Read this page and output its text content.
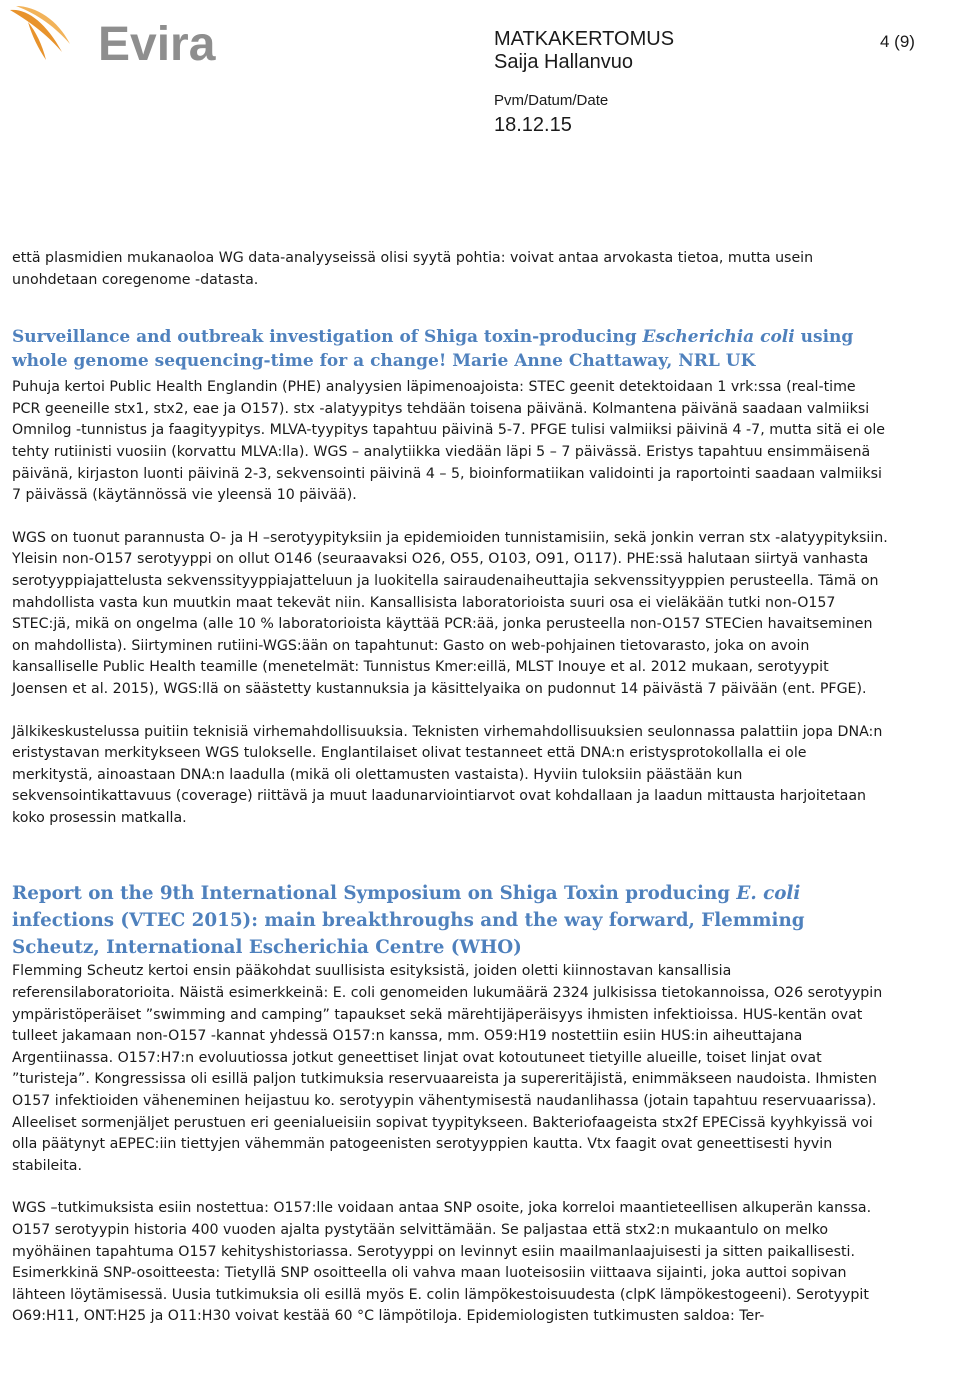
Evira	MATKAKERTOMUS
Saija Hallanvuo
Pvm/Datum/Date
18.12.15
4 (9)

että plasmidien mukanaoloa WG data-analyyseissä olisi syytä pohtia: voivat antaa arvokasta tietoa, mutta usein unohdetaan coregenome -datasta.

Surveillance and outbreak investigation of Shiga toxin-producing Escherichia coli using whole genome sequencing-time for a change! Marie Anne Chattaway, NRL UK

Puhuja kertoi Public Health Englandin (PHE) analyysien läpimenoajoista: STEC geenit detektoidaan 1 vrk:ssa (real-time PCR geeneille stx1, stx2, eae ja O157). stx -alatyypitys tehdään toisena päivänä. Kolmantena päivänä saadaan valmiiksi Omnilog -tunnistus ja faagityypitys. MLVA-tyypitys tapahtuu päivinä 5-7. PFGE tulisi valmiiksi päivinä 4 -7, mutta sitä ei ole tehty rutiinisti vuosiin (korvattu MLVA:lla). WGS – analytiikka viedään läpi 5 – 7 päivässä. Eristys tapahtuu ensimmäisenä päivänä, kirjaston luonti päivinä 2-3, sekvensointi päivinä 4 – 5, bioinformatiikan validointi ja raportointi saadaan valmiiksi 7 päivässä (käytännössä vie yleensä 10 päivää).

WGS on tuonut parannusta O- ja H –serotyypityksiin ja epidemioiden tunnistamisiin, sekä jonkin verran stx -alatyypityksiin. Yleisin non-O157 serotyyppi on ollut O146 (seuraavaksi O26, O55, O103, O91, O117). PHE:ssä halutaan siirtyä vanhasta serotyyppiajattelusta sekvenssityyppiajatteluun ja luokitella sairaudenaiheuttajia sekvenssityyppien perusteella. Tämä on mahdollista vasta kun muutkin maat tekevät niin. Kansallisista laboratorioista suuri osa ei vieläkään tutki non-O157 STEC:jä, mikä on ongelma (alle 10 % laboratorioista käyttää PCR:ää, jonka perusteella non-O157 STECien havaitseminen on mahdollista). Siirtyminen rutiini-WGS:ään on tapahtunut: Gasto on web-pohjainen tietovarasto, joka on avoin kansalliselle Public Health teamille (menetelmät: Tunnistus Kmer:eillä, MLST Inouye et al. 2012 mukaan, serotyypit Joensen et al. 2015), WGS:llä on säästetty kustannuksia ja käsittelyaika on pudonnut 14 päivästä 7 päivään (ent. PFGE).

Jälkikeskustelussa puitiin teknisiä virhemahdollisuuksia. Teknisten virhemahdollisuuksien seulonnassa palattiin jopa DNA:n eristystavan merkitykseen WGS tulokselle. Englantilaiset olivat testanneet että DNA:n eristysprotokollalla ei ole merkitystä, ainoastaan DNA:n laadulla (mikä oli olettamusten vastaista). Hyviin tuloksiin päästään kun sekvensointikattavuus (coverage) riittävä ja muut laadunarviointiarvot ovat kohdallaan ja laadun mittausta harjoitetaan koko prosessin matkalla.

Report on the 9th International Symposium on Shiga Toxin producing E. coli infections (VTEC 2015): main breakthroughs and the way forward, Flemming Scheutz, International Escherichia Centre (WHO)

Flemming Scheutz kertoi ensin pääkohdat suullisista esityksistä, joiden oletti kiinnostavan kansallisia referensilaboratorioita. Näistä esimerkkeinä: E. coli genomeiden lukumäärä 2324 julkisissa tietokannoissa, O26 serotyypin ympäristöperäiset ”swimming and camping” tapaukset sekä märehtijäperäisyys ihmisten infektioissa. HUS-kentän ovat tulleet jakamaan non-O157 -kannat yhdessä O157:n kanssa, mm. O59:H19 nostettiin esiin HUS:in aiheuttajana Argentiinassa. O157:H7:n evoluutiossa jotkut geneettiset linjat ovat kotoutuneet tietyille alueille, toiset linjat ovat ”turisteja”. Kongressissa oli esillä paljon tutkimuksia reservuaareista ja supereritäjistä, enimmäkseen naudoista. Ihmisten O157 infektioiden väheneminen heijastuu ko. serotyypin vähentymisestä naudanlihassa (jotain tapahtuu reservuaarissa). Alleeliset sormenjäljet perustuen eri geenialueisiin sopivat tyypitykseen. Bakteriofaageista stx2f EPECissä kyyhkyissä voi olla päätynyt aEPEC:iin tiettyjen vähemmän patogeenisten serotyyppien kautta. Vtx faagit ovat geneettisesti hyvin stabileita.

WGS –tutkimuksista esiin nostettua: O157:lle voidaan antaa SNP osoite, joka korreloi maantieteellisen alkuperän kanssa. O157 serotyypin historia 400 vuoden ajalta pystytään selvittämään. Se paljastaa että stx2:n mukaantulo on melko myöhäinen tapahtuma O157 kehityshistoriassa. Serotyyppi on levinnyt esiin maailmanlaajuisesti ja sitten paikallisesti. Esimerkkinä SNP-osoitteesta: Tietyllä SNP osoitteella oli vahva maan luoteisosiin viittaava sijainti, joka auttoi sopivan lähteen löytämisessä. Uusia tutkimuksia oli esillä myös E. colin lämpökestoisuudesta (clpK lämpökestogeeni). Serotyypit O69:H11, ONT:H25 ja O11:H30 voivat kestää 60 °C lämpötiloja. Epidemiologisten tutkimusten saldoa: Ter-
